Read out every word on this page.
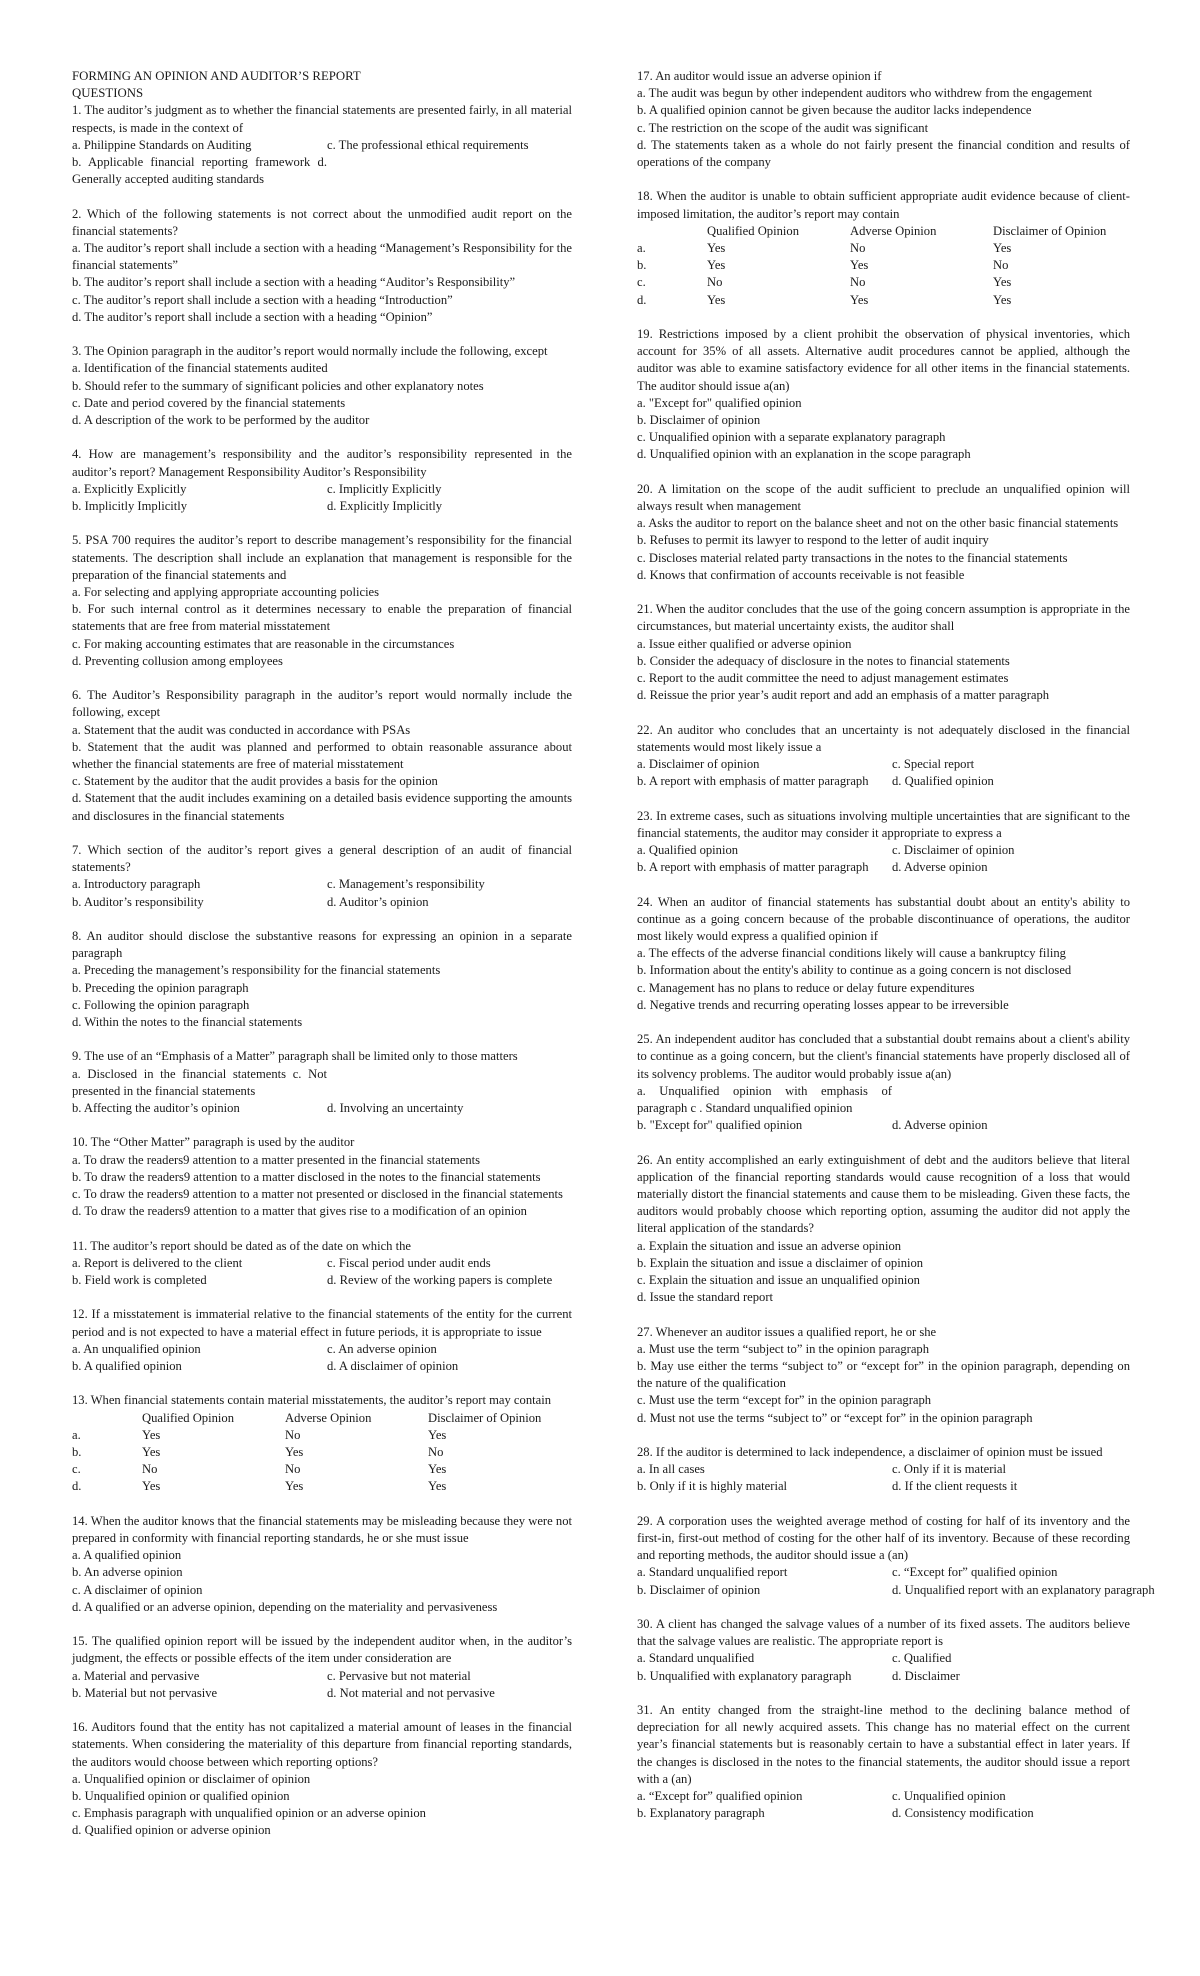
FORMING AN OPINION AND AUDITOR’S REPORT
QUESTIONS

1. The auditor’s judgment as to whether the financial statements are presented fairly, in all material respects, is made in the context of

a. Philippine Standards on Auditing	c. The professional ethical requirements
b. Applicable financial reporting framework d. Generally accepted auditing standards

2. Which of the following statements is not correct about the unmodified audit report on the financial statements?

a. The auditor’s report shall include a section with a heading “Management’s Responsibility for the financial statements”

b. The auditor’s report shall include a section with a heading “Auditor’s Responsibility”

c. The auditor’s report shall include a section with a heading “Introduction”

d. The auditor’s report shall include a section with a heading “Opinion”

3. The Opinion paragraph in the auditor’s report would normally include the following, except

a. Identification of the financial statements audited

b. Should refer to the summary of significant policies and other explanatory notes

c. Date and period covered by the financial statements

d. A description of the work to be performed by the auditor

4. How are management’s responsibility and the auditor’s responsibility represented in the auditor’s report? Management Responsibility Auditor’s Responsibility

a. Explicitly Explicitly	c. Implicitly Explicitly
b. Implicitly Implicitly	d. Explicitly Implicitly

5. PSA 700 requires the auditor’s report to describe management’s responsibility for the financial statements. The description shall include an explanation that management is responsible for the preparation of the financial statements and

a. For selecting and applying appropriate accounting policies

b. For such internal control as it determines necessary to enable the preparation of financial statements that are free from material misstatement

c. For making accounting estimates that are reasonable in the circumstances

d. Preventing collusion among employees

6. The Auditor’s Responsibility paragraph in the auditor’s report would normally include the following, except

a. Statement that the audit was conducted in accordance with PSAs

b. Statement that the audit was planned and performed to obtain reasonable assurance about whether the financial statements are free of material misstatement

c. Statement by the auditor that the audit provides a basis for the opinion

d. Statement that the audit includes examining on a detailed basis evidence supporting the amounts and disclosures in the financial statements

7. Which section of the auditor’s report gives a general description of an audit of financial statements?

a. Introductory paragraph	c. Management’s responsibility
b. Auditor’s responsibility	d. Auditor’s opinion

8. An auditor should disclose the substantive reasons for expressing an opinion in a separate paragraph

a. Preceding the management’s responsibility for the financial statements

b. Preceding the opinion paragraph

c. Following the opinion paragraph

d. Within the notes to the financial statements

9. The use of an “Emphasis of a Matter” paragraph shall be limited only to those matters

a. Disclosed in the financial statements c. Not presented in the financial statements
b. Affecting the auditor’s opinion	d. Involving an uncertainty

10. The “Other Matter” paragraph is used by the auditor

a. To draw the readers9 attention to a matter presented in the financial statements

b. To draw the readers9 attention to a matter disclosed in the notes to the financial statements

c. To draw the readers9 attention to a matter not presented or disclosed in the financial statements

d. To draw the readers9 attention to a matter that gives rise to a modification of an opinion

11. The auditor’s report should be dated as of the date on which the

a. Report is delivered to the client	c. Fiscal period under audit ends
b. Field work is completed	d. Review of the working papers is complete

12. If a misstatement is immaterial relative to the financial statements of the entity for the current period and is not expected to have a material effect in future periods, it is appropriate to issue

a. An unqualified opinion	c. An adverse opinion
b. A qualified opinion	d. A disclaimer of opinion

13. When financial statements contain material misstatements, the auditor’s report may contain

	Qualified Opinion	Adverse Opinion	Disclaimer of Opinion
a.	Yes	No	Yes
b.	Yes	Yes	No
c.	No	No	Yes
d.	Yes	Yes	Yes

14. When the auditor knows that the financial statements may be misleading because they were not prepared in conformity with financial reporting standards, he or she must issue

a. A qualified opinion

b. An adverse opinion

c. A disclaimer of opinion

d. A qualified or an adverse opinion, depending on the materiality and pervasiveness

15. The qualified opinion report will be issued by the independent auditor when, in the auditor’s judgment, the effects or possible effects of the item under consideration are

a. Material and pervasive	c. Pervasive but not material
b. Material but not pervasive	d. Not material and not pervasive

16. Auditors found that the entity has not capitalized a material amount of leases in the financial statements. When considering the materiality of this departure from financial reporting standards, the auditors would choose between which reporting options?

a. Unqualified opinion or disclaimer of opinion

b. Unqualified opinion or qualified opinion

c. Emphasis paragraph with unqualified opinion or an adverse opinion

d. Qualified opinion or adverse opinion

17. An auditor would issue an adverse opinion if

a. The audit was begun by other independent auditors who withdrew from the engagement

b. A qualified opinion cannot be given because the auditor lacks independence

c. The restriction on the scope of the audit was significant

d. The statements taken as a whole do not fairly present the financial condition and results of operations of the company

18. When the auditor is unable to obtain sufficient appropriate audit evidence because of client-imposed limitation, the auditor’s report may contain

	Qualified Opinion	Adverse Opinion	Disclaimer of Opinion
a.	Yes	No	Yes
b.	Yes	Yes	No
c.	No	No	Yes
d.	Yes	Yes	Yes

19. Restrictions imposed by a client prohibit the observation of physical inventories, which account for 35% of all assets. Alternative audit procedures cannot be applied, although the auditor was able to examine satisfactory evidence for all other items in the financial statements. The auditor should issue a(an)

a. "Except for" qualified opinion

b. Disclaimer of opinion

c. Unqualified opinion with a separate explanatory paragraph

d. Unqualified opinion with an explanation in the scope paragraph

20. A limitation on the scope of the audit sufficient to preclude an unqualified opinion will always result when management

a. Asks the auditor to report on the balance sheet and not on the other basic financial statements

b. Refuses to permit its lawyer to respond to the letter of audit inquiry

c. Discloses material related party transactions in the notes to the financial statements

d. Knows that confirmation of accounts receivable is not feasible

21. When the auditor concludes that the use of the going concern assumption is appropriate in the circumstances, but material uncertainty exists, the auditor shall

a. Issue either qualified or adverse opinion

b. Consider the adequacy of disclosure in the notes to financial statements

c. Report to the audit committee the need to adjust management estimates

d. Reissue the prior year’s audit report and add an emphasis of a matter paragraph

22. An auditor who concludes that an uncertainty is not adequately disclosed in the financial statements would most likely issue a

a. Disclaimer of opinion	c. Special report
b. A report with emphasis of matter paragraph	d. Qualified opinion

23. In extreme cases, such as situations involving multiple uncertainties that are significant to the financial statements, the auditor may consider it appropriate to express a

a. Qualified opinion	c. Disclaimer of opinion
b. A report with emphasis of matter paragraph	d. Adverse opinion

24. When an auditor of financial statements has substantial doubt about an entity's ability to continue as a going concern because of the probable discontinuance of operations, the auditor most likely would express a qualified opinion if

a. The effects of the adverse financial conditions likely will cause a bankruptcy filing

b. Information about the entity's ability to continue as a going concern is not disclosed

c. Management has no plans to reduce or delay future expenditures

d. Negative trends and recurring operating losses appear to be irreversible

25. An independent auditor has concluded that a substantial doubt remains about a client's ability to continue as a going concern, but the client's financial statements have properly disclosed all of its solvency problems. The auditor would probably issue a(an)

a. Unqualified opinion with emphasis of paragraph c . Standard unqualified opinion
b. "Except for" qualified opinion	d. Adverse opinion

26. An entity accomplished an early extinguishment of debt and the auditors believe that literal application of the financial reporting standards would cause recognition of a loss that would materially distort the financial statements and cause them to be misleading. Given these facts, the auditors would probably choose which reporting option, assuming the auditor did not apply the literal application of the standards?

a. Explain the situation and issue an adverse opinion

b. Explain the situation and issue a disclaimer of opinion

c. Explain the situation and issue an unqualified opinion

d. Issue the standard report

27. Whenever an auditor issues a qualified report, he or she

a. Must use the term “subject to” in the opinion paragraph

b. May use either the terms “subject to” or “except for” in the opinion paragraph, depending on the nature of the qualification

c. Must use the term “except for” in the opinion paragraph

d. Must not use the terms “subject to” or “except for” in the opinion paragraph

28. If the auditor is determined to lack independence, a disclaimer of opinion must be issued

a. In all cases	c. Only if it is material
b. Only if it is highly material	d. If the client requests it

29. A corporation uses the weighted average method of costing for half of its inventory and the first-in, first-out method of costing for the other half of its inventory. Because of these recording and reporting methods, the auditor should issue a (an)

a. Standard unqualified report	c. “Except for” qualified opinion
b. Disclaimer of opinion	d. Unqualified report with an explanatory paragraph

30. A client has changed the salvage values of a number of its fixed assets. The auditors believe that the salvage values are realistic. The appropriate report is

a. Standard unqualified	c. Qualified
b. Unqualified with explanatory paragraph	d. Disclaimer

31. An entity changed from the straight-line method to the declining balance method of depreciation for all newly acquired assets. This change has no material effect on the current year’s financial statements but is reasonably certain to have a substantial effect in later years. If the changes is disclosed in the notes to the financial statements, the auditor should issue a report with a (an)

a. “Except for” qualified opinion	c. Unqualified opinion
b. Explanatory paragraph	d. Consistency modification
